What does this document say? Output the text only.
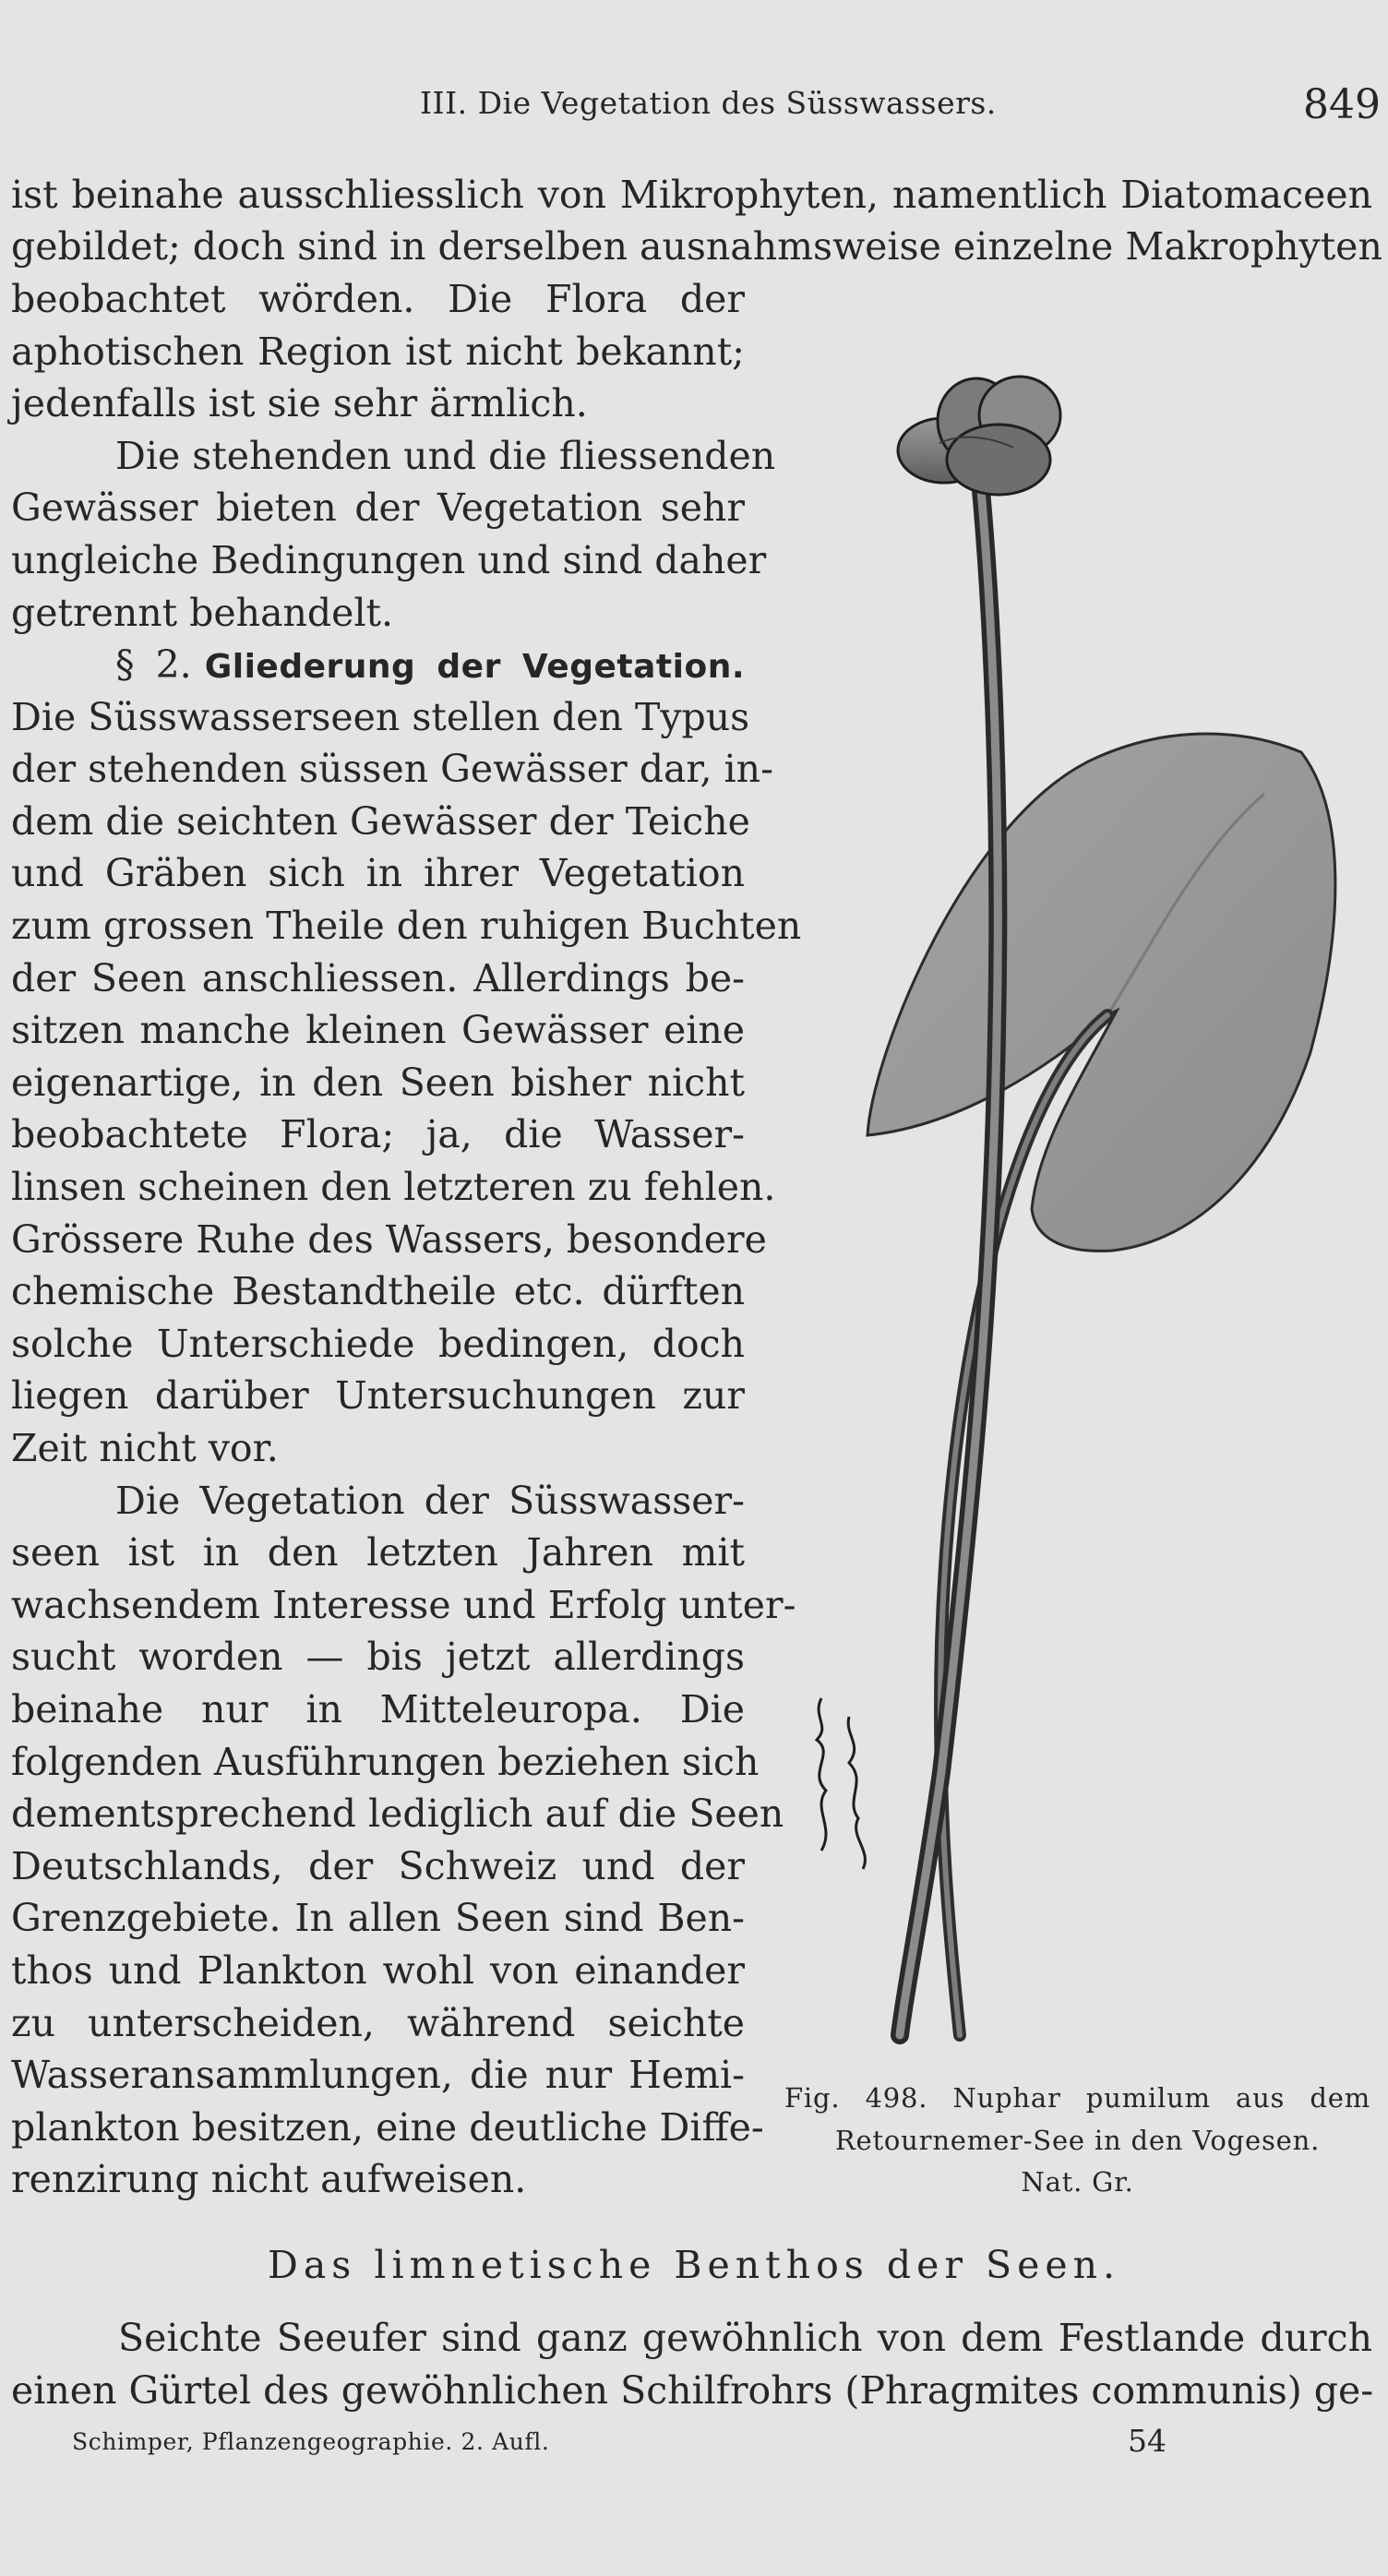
III. Die Vegetation des Süsswassers.	849
ist beinahe ausschliesslich von Mikrophyten, namentlich Diatomaceen
gebildet; doch sind in derselben ausnahmsweise einzelne Makrophyten
beobachtet wörden. Die Flora der
aphotischen Region ist nicht bekannt;
jedenfalls ist sie sehr ärmlich.
Die stehenden und die fliessenden
Gewässer bieten der Vegetation sehr
ungleiche Bedingungen und sind daher
getrennt behandelt.
§ 2. Gliederung der Vegetation.
Die Süsswasserseen stellen den Typus
der stehenden süssen Gewässer dar, in-
dem die seichten Gewässer der Teiche
und Gräben sich in ihrer Vegetation
zum grossen Theile den ruhigen Buchten
der Seen anschliessen. Allerdings be-
sitzen manche kleinen Gewässer eine
eigenartige, in den Seen bisher nicht
beobachtete Flora; ja, die Wasser-
linsen scheinen den letzteren zu fehlen.
Grössere Ruhe des Wassers, besondere
chemische Bestandtheile etc. dürften
solche Unterschiede bedingen, doch
liegen darüber Untersuchungen zur
Zeit nicht vor.
Die Vegetation der Süsswasser-
seen ist in den letzten Jahren mit
wachsendem Interesse und Erfolg unter-
sucht worden — bis jetzt allerdings
beinahe nur in Mitteleuropa. Die
folgenden Ausführungen beziehen sich
dementsprechend lediglich auf die Seen
Deutschlands, der Schweiz und der
Grenzgebiete. In allen Seen sind Ben-
thos und Plankton wohl von einander
zu unterscheiden, während seichte
Wasseransammlungen, die nur Hemi-
plankton besitzen, eine deutliche Diffe-
renzirung nicht aufweisen.
Fig. 498. Nuphar pumilum aus dem
Retournemer-See in den Vogesen.
Nat. Gr.
Das limnetische Benthos der Seen.
Seichte Seeufer sind ganz gewöhnlich von dem Festlande durch
einen Gürtel des gewöhnlichen Schilfrohrs (Phragmites communis) ge-
Schimper, Pflanzengeographie. 2. Aufl.	54
